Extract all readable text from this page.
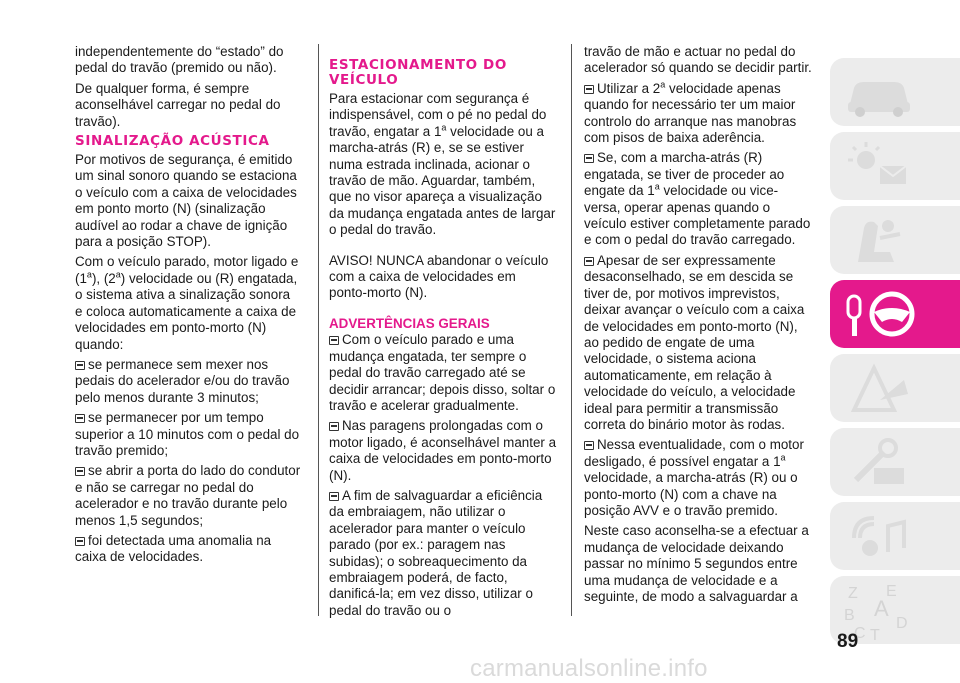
independentemente do “estado” do pedal do travão (premido ou não).

De qualquer forma, é sempre aconselhável carregar no pedal do travão).

SINALIZAÇÃO ACÚSTICA

Por motivos de segurança, é emitido um sinal sonoro quando se estaciona o veículo com a caixa de velocidades em ponto morto (N) (sinalização audível ao rodar a chave de ignição para a posição STOP).

Com o veículo parado, motor ligado e (1$^a$), (2$^a$) velocidade ou (R) engatada, o sistema ativa a sinalização sonora e coloca automaticamente a caixa de velocidades em ponto-morto (N) quando:

se permanece sem mexer nos pedais do acelerador e/ou do travão pelo menos durante 3 minutos;

se permanecer por um tempo superior a 10 minutos com o pedal do travão premido;

se abrir a porta do lado do condutor e não se carregar no pedal do acelerador e no travão durante pelo menos 1,5 segundos;

foi detectada uma anomalia na caixa de velocidades.

ESTACIONAMENTO DO VEÍCULO

Para estacionar com segurança é indispensável, com o pé no pedal do travão, engatar a 1$^a$ velocidade ou a marcha-atrás (R) e, se se estiver numa estrada inclinada, acionar o travão de mão. Aguardar, também, que no visor apareça a visualização da mudança engatada antes de largar o pedal do travão.

AVISO! NUNCA abandonar o veículo com a caixa de velocidades em ponto-morto (N).

ADVERTÊNCIAS GERAIS

Com o veículo parado e uma mudança engatada, ter sempre o pedal do travão carregado até se decidir arrancar; depois disso, soltar o travão e acelerar gradualmente.

Nas paragens prolongadas com o motor ligado, é aconselhável manter a caixa de velocidades em ponto-morto (N).

A fim de salvaguardar a eficiência da embraiagem, não utilizar o acelerador para manter o veículo parado (por ex.: paragem nas subidas); o sobreaquecimento da embraiagem poderá, de facto, danificá-la; em vez disso, utilizar o pedal do travão ou o

travão de mão e actuar no pedal do acelerador só quando se decidir partir.

Utilizar a 2$^a$ velocidade apenas quando for necessário ter um maior controlo do arranque nas manobras com pisos de baixa aderência.

Se, com a marcha-atrás (R) engatada, se tiver de proceder ao engate da 1$^a$ velocidade ou vice-versa, operar apenas quando o veículo estiver completamente parado e com o pedal do travão carregado.

Apesar de ser expressamente desaconselhado, se em descida se tiver de, por motivos imprevistos, deixar avançar o veículo com a caixa de velocidades em ponto-morto (N), ao pedido de engate de uma velocidade, o sistema aciona automaticamente, em relação à velocidade do veículo, a velocidade ideal para permitir a transmissão correta do binário motor às rodas.

Nessa eventualidade, com o motor desligado, é possível engatar a 1$^a$ velocidade, a marcha-atrás (R) ou o ponto-morto (N) com a chave na posição AVV e o travão premido.

Neste caso aconselha-se a efectuar a mudança de velocidade deixando passar no mínimo 5 segundos entre uma mudança de velocidade e a seguinte, de modo a salvaguardar a	Z E
B A
C T
D
89
carmanualsonline.info
